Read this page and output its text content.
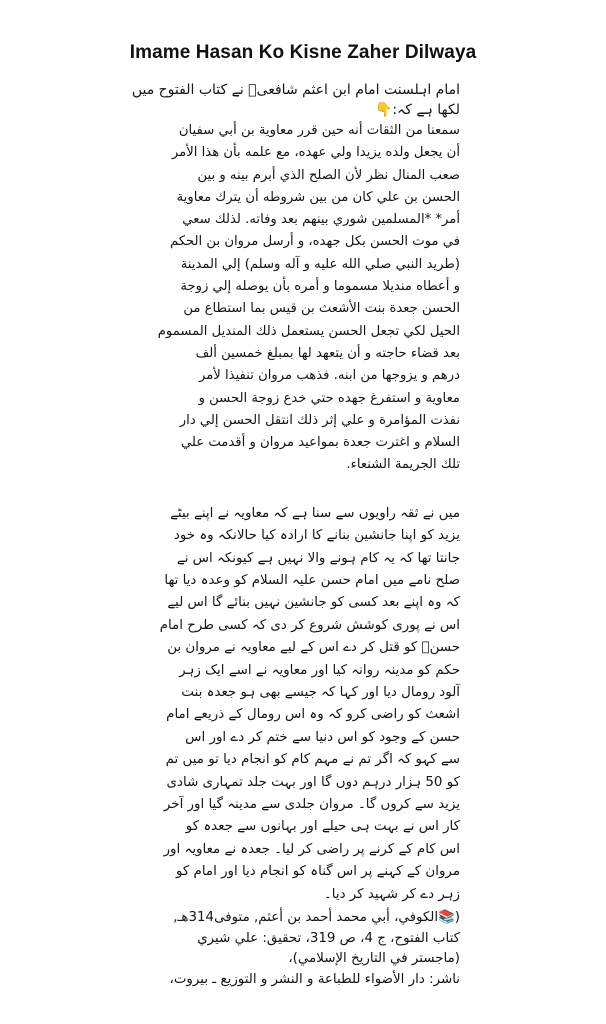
Imame Hasan Ko Kisne Zaher Dilwaya
امام اہلسنت امام ابن اعثم شافعیؒ نے کتاب الفتوح میں
لکھا ہے کہ:👇
سمعنا من الثقات أنه حين قرر معاوية بن أبي سفيان
أن يجعل ولده يزيدا ولي عهده، مع علمه بأن هذا الأمر
صعب المنال نظر لأن الصلح الذي أبرم بينه و بين
الحسن بن علي كان من بين شروطه أن يترك معاوية
أمر* *المسلمين شوري بينهم بعد وفاته. لذلك سعي
في موت الحسن بكل جهده، و أرسل مروان بن الحكم
(طريد النبي صلي الله عليه و آله وسلم) إلي المدينة
و أعطاه منديلا مسموما و أمره بأن يوصله إلي زوجة
الحسن جعدة بنت الأشعث بن قيس بما استطاع من
الحيل لكي تجعل الحسن يستعمل ذلك المنديل المسموم
بعد قضاء حاجته و أن يتعهد لها بمبلغ خمسين ألف
درهم و يزوجها من ابنه. فذهب مروان تنفيذا لأمر
معاوية و استفرغ جهده حتي خدع زوجة الحسن و
نفذت المؤامرة و علي إثر ذلك انتقل الحسن إلي دار
السلام و اغترت جعدة بمواعيد مروان و أقدمت علي
تلك الجريمة الشنعاء.
میں نے ثقہ راویوں سے سنا ہے کہ معاویہ نے اپنے بیٹے
یزید کو اپنا جانشین بنانے کا ارادہ کیا حالانکہ وہ خود
جانتا تھا کہ یہ کام ہونے والا نہیں ہے کیونکہ اس نے
صلح نامے میں امام حسن علیہ السلام کو وعدہ دیا تھا
کہ وہ اپنے بعد کسی کو جانشین نہیں بنائے گا اس لیے
اس نے پوری کوشش شروع کر دی کہ کسی طرح امام
حسنؑ کو قتل کر دے اس کے لیے معاویہ نے مروان بن
حکم کو مدینہ روانہ کیا اور معاویہ نے اسے ایک زہر
آلود رومال دیا اور کہا کہ جیسے بھی ہو جعدہ بنت
اشعث کو راضی کرو کہ وہ اس رومال کے ذریعے امام
حسن کے وجود کو اس دنیا سے ختم کر دے اور اس
سے کہو کہ اگر تم نے مہم کام کو انجام دیا تو میں تم
کو 50 ہزار درہم دوں گا اور بہت جلد تمہاری شادی
یزید سے کروں گا۔ مروان جلدی سے مدینہ گیا اور آخر
کار اس نے بہت ہی حیلے اور بہانوں سے جعدہ کو
اس کام کے کرنے پر راضی کر لیا۔ جعدہ نے معاویہ اور
مروان کے کہنے پر اس گناہ کو انجام دیا اور امام کو
زہر دے کر شہید کر دیا۔
(📚الكوفي، أبي محمد أحمد بن أعثم, متوفى314هـ,
كتاب الفتوح، ج 4، ص 319، تحقيق: علي شيري
(ماجستر في التاريخ الإسلامي)،
ناشر: دار الأضواء للطباعة و النشر و التوزيع ـ بيروت،
